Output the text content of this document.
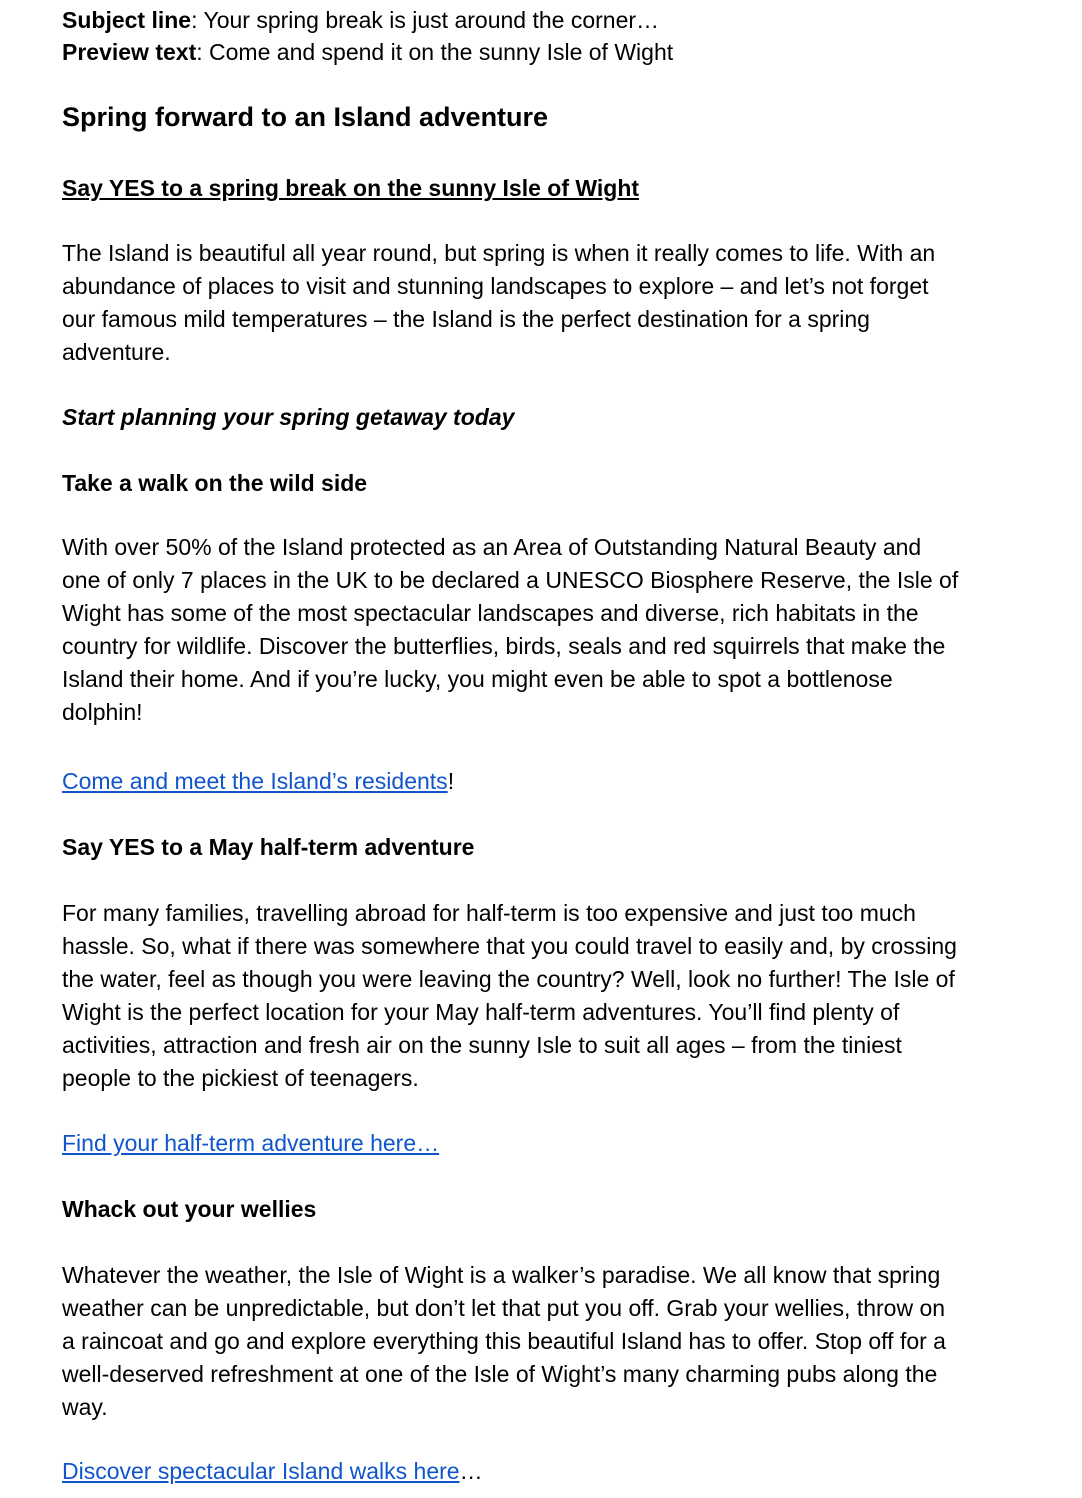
Subject line: Your spring break is just around the corner…
Preview text: Come and spend it on the sunny Isle of Wight
Spring forward to an Island adventure
Say YES to a spring break on the sunny Isle of Wight
The Island is beautiful all year round, but spring is when it really comes to life. With an
abundance of places to visit and stunning landscapes to explore – and let’s not forget
our famous mild temperatures – the Island is the perfect destination for a spring
adventure.
Start planning your spring getaway today
Take a walk on the wild side
With over 50% of the Island protected as an Area of Outstanding Natural Beauty and
one of only 7 places in the UK to be declared a UNESCO Biosphere Reserve, the Isle of
Wight has some of the most spectacular landscapes and diverse, rich habitats in the
country for wildlife. Discover the butterflies, birds, seals and red squirrels that make the
Island their home. And if you’re lucky, you might even be able to spot a bottlenose
dolphin!
Come and meet the Island’s residents!
Say YES to a May half-term adventure
For many families, travelling abroad for half-term is too expensive and just too much
hassle. So, what if there was somewhere that you could travel to easily and, by crossing
the water, feel as though you were leaving the country? Well, look no further! The Isle of
Wight is the perfect location for your May half-term adventures. You’ll find plenty of
activities, attraction and fresh air on the sunny Isle to suit all ages – from the tiniest
people to the pickiest of teenagers.
Find your half-term adventure here…
Whack out your wellies
Whatever the weather, the Isle of Wight is a walker’s paradise. We all know that spring
weather can be unpredictable, but don’t let that put you off. Grab your wellies, throw on
a raincoat and go and explore everything this beautiful Island has to offer. Stop off for a
well-deserved refreshment at one of the Isle of Wight’s many charming pubs along the
way.
Discover spectacular Island walks here…
